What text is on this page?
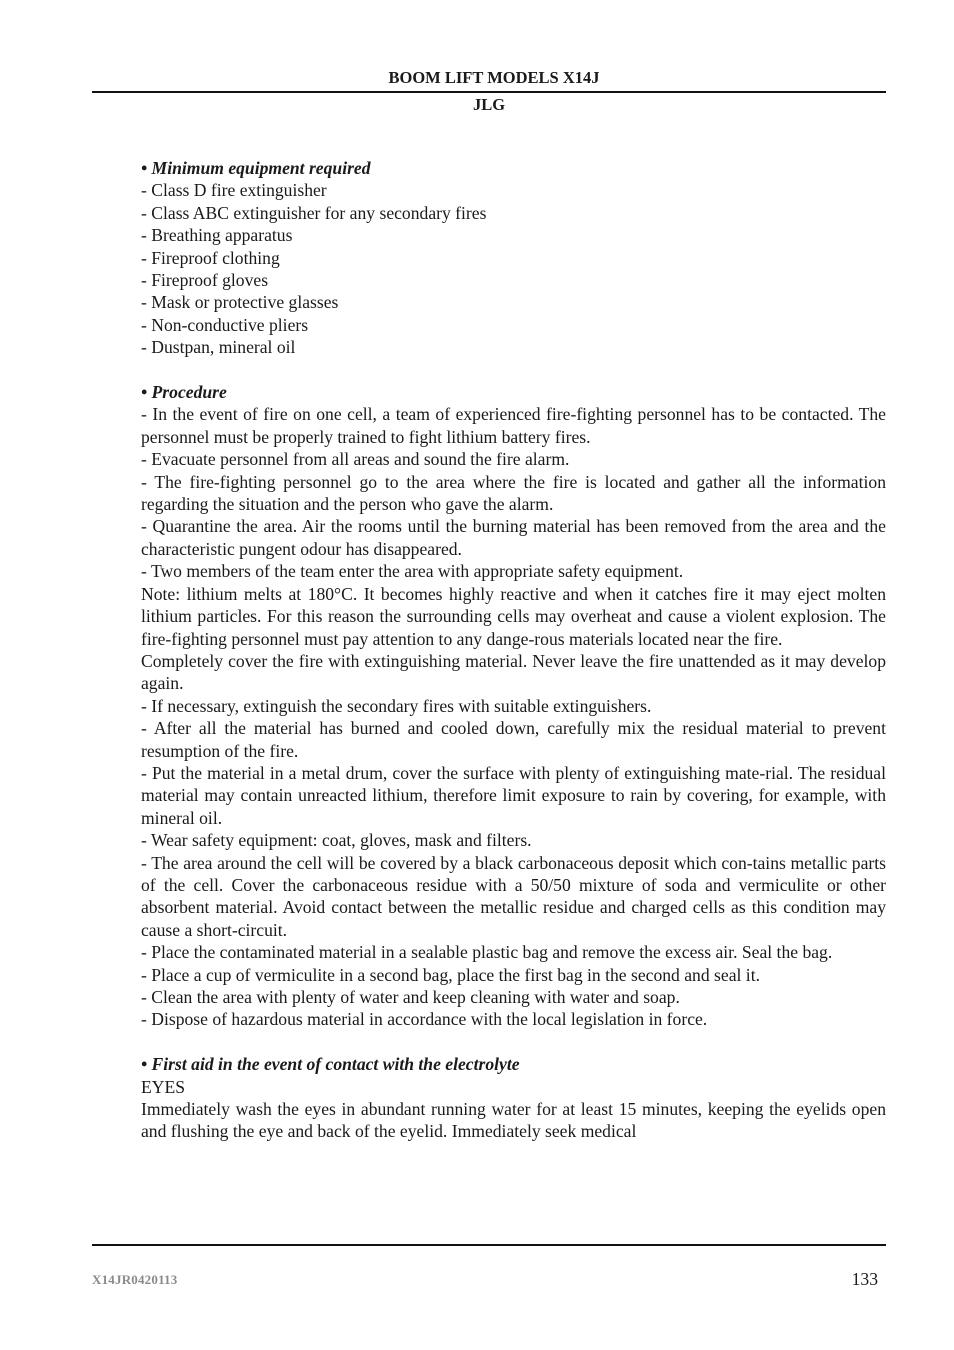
BOOM LIFT MODELS X14J
JLG

• Minimum equipment required

- Class D fire extinguisher

- Class ABC extinguisher for any secondary fires

- Breathing apparatus

- Fireproof clothing

- Fireproof gloves

- Mask or protective glasses

- Non-conductive pliers

- Dustpan, mineral oil

• Procedure

- In the event of fire on one cell, a team of experienced fire-fighting personnel has to be contacted. The personnel must be properly trained to fight lithium battery fires.

- Evacuate personnel from all areas and sound the fire alarm.

- The fire-fighting personnel go to the area where the fire is located and gather all the information regarding the situation and the person who gave the alarm.

- Quarantine the area. Air the rooms until the burning material has been removed from the area and the characteristic pungent odour has disappeared.

- Two members of the team enter the area with appropriate safety equipment.

Note: lithium melts at 180°C. It becomes highly reactive and when it catches fire it may eject molten lithium particles. For this reason the surrounding cells may overheat and cause a violent explosion. The fire-fighting personnel must pay attention to any dange-rous materials located near the fire.

Completely cover the fire with extinguishing material. Never leave the fire unattended as it may develop again.

- If necessary, extinguish the secondary fires with suitable extinguishers.

- After all the material has burned and cooled down, carefully mix the residual material to prevent resumption of the fire.

- Put the material in a metal drum, cover the surface with plenty of extinguishing mate-rial. The residual material may contain unreacted lithium, therefore limit exposure to rain by covering, for example, with mineral oil.

- Wear safety equipment: coat, gloves, mask and filters.

- The area around the cell will be covered by a black carbonaceous deposit which con-tains metallic parts of the cell. Cover the carbonaceous residue with a 50/50 mixture of soda and vermiculite or other absorbent material. Avoid contact between the metallic residue and charged cells as this condition may cause a short-circuit.

- Place the contaminated material in a sealable plastic bag and remove the excess air. Seal the bag.

- Place a cup of vermiculite in a second bag, place the first bag in the second and seal it.

- Clean the area with plenty of water and keep cleaning with water and soap.

- Dispose of hazardous material in accordance with the local legislation in force.

• First aid in the event of contact with the electrolyte

EYES

Immediately wash the eyes in abundant running water for at least 15 minutes, keeping the eyelids open and flushing the eye and back of the eyelid. Immediately seek medical

X14JR0420113	133
